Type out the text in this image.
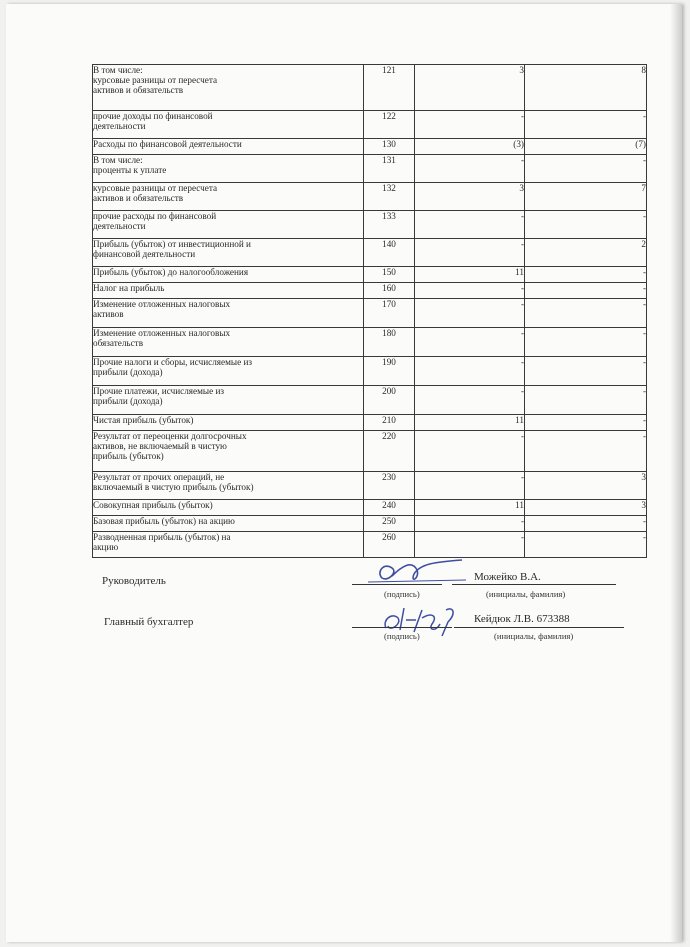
В том числе:
курсовые разницы от пересчета
активов и обязательств	121	3	8

прочие доходы по финансовой
деятельности	122	-	-

Расходы по финансовой деятельности	130	(3)	(7)

В том числе:
проценты к уплате	131	-	-

курсовые разницы от пересчета
активов и обязательств	132	3	7

прочие расходы по финансовой
деятельности	133	-	-

Прибыль (убыток) от инвестиционной и
финансовой деятельности	140	-	2

Прибыль (убыток) до налогообложения	150	11	-

Налог на прибыль	160	-	-

Изменение отложенных налоговых
активов	170	-	-

Изменение отложенных налоговых
обязательств	180	-	-

Прочие налоги и сборы, исчисляемые из
прибыли (дохода)	190	-	-

Прочие платежи, исчисляемые из
прибыли (дохода)	200	-	-

Чистая прибыль (убыток)	210	11	-

Результат от переоценки долгосрочных
активов, не включаемый в чистую
прибыль (убыток)	220	-	-

Результат от прочих операций, не
включаемый в чистую прибыль (убыток)	230	-	3

Совокупная прибыль (убыток)	240	11	3

Базовая прибыль (убыток) на акцию	250	-	-

Разводненная прибыль (убыток) на
акцию	260	-	-
Руководитель	Можейко В.А.
(подпись)	(инициалы, фамилия)
Главный бухгалтер	Кейдюк Л.В. 673388
(подпись)	(инициалы, фамилия)
